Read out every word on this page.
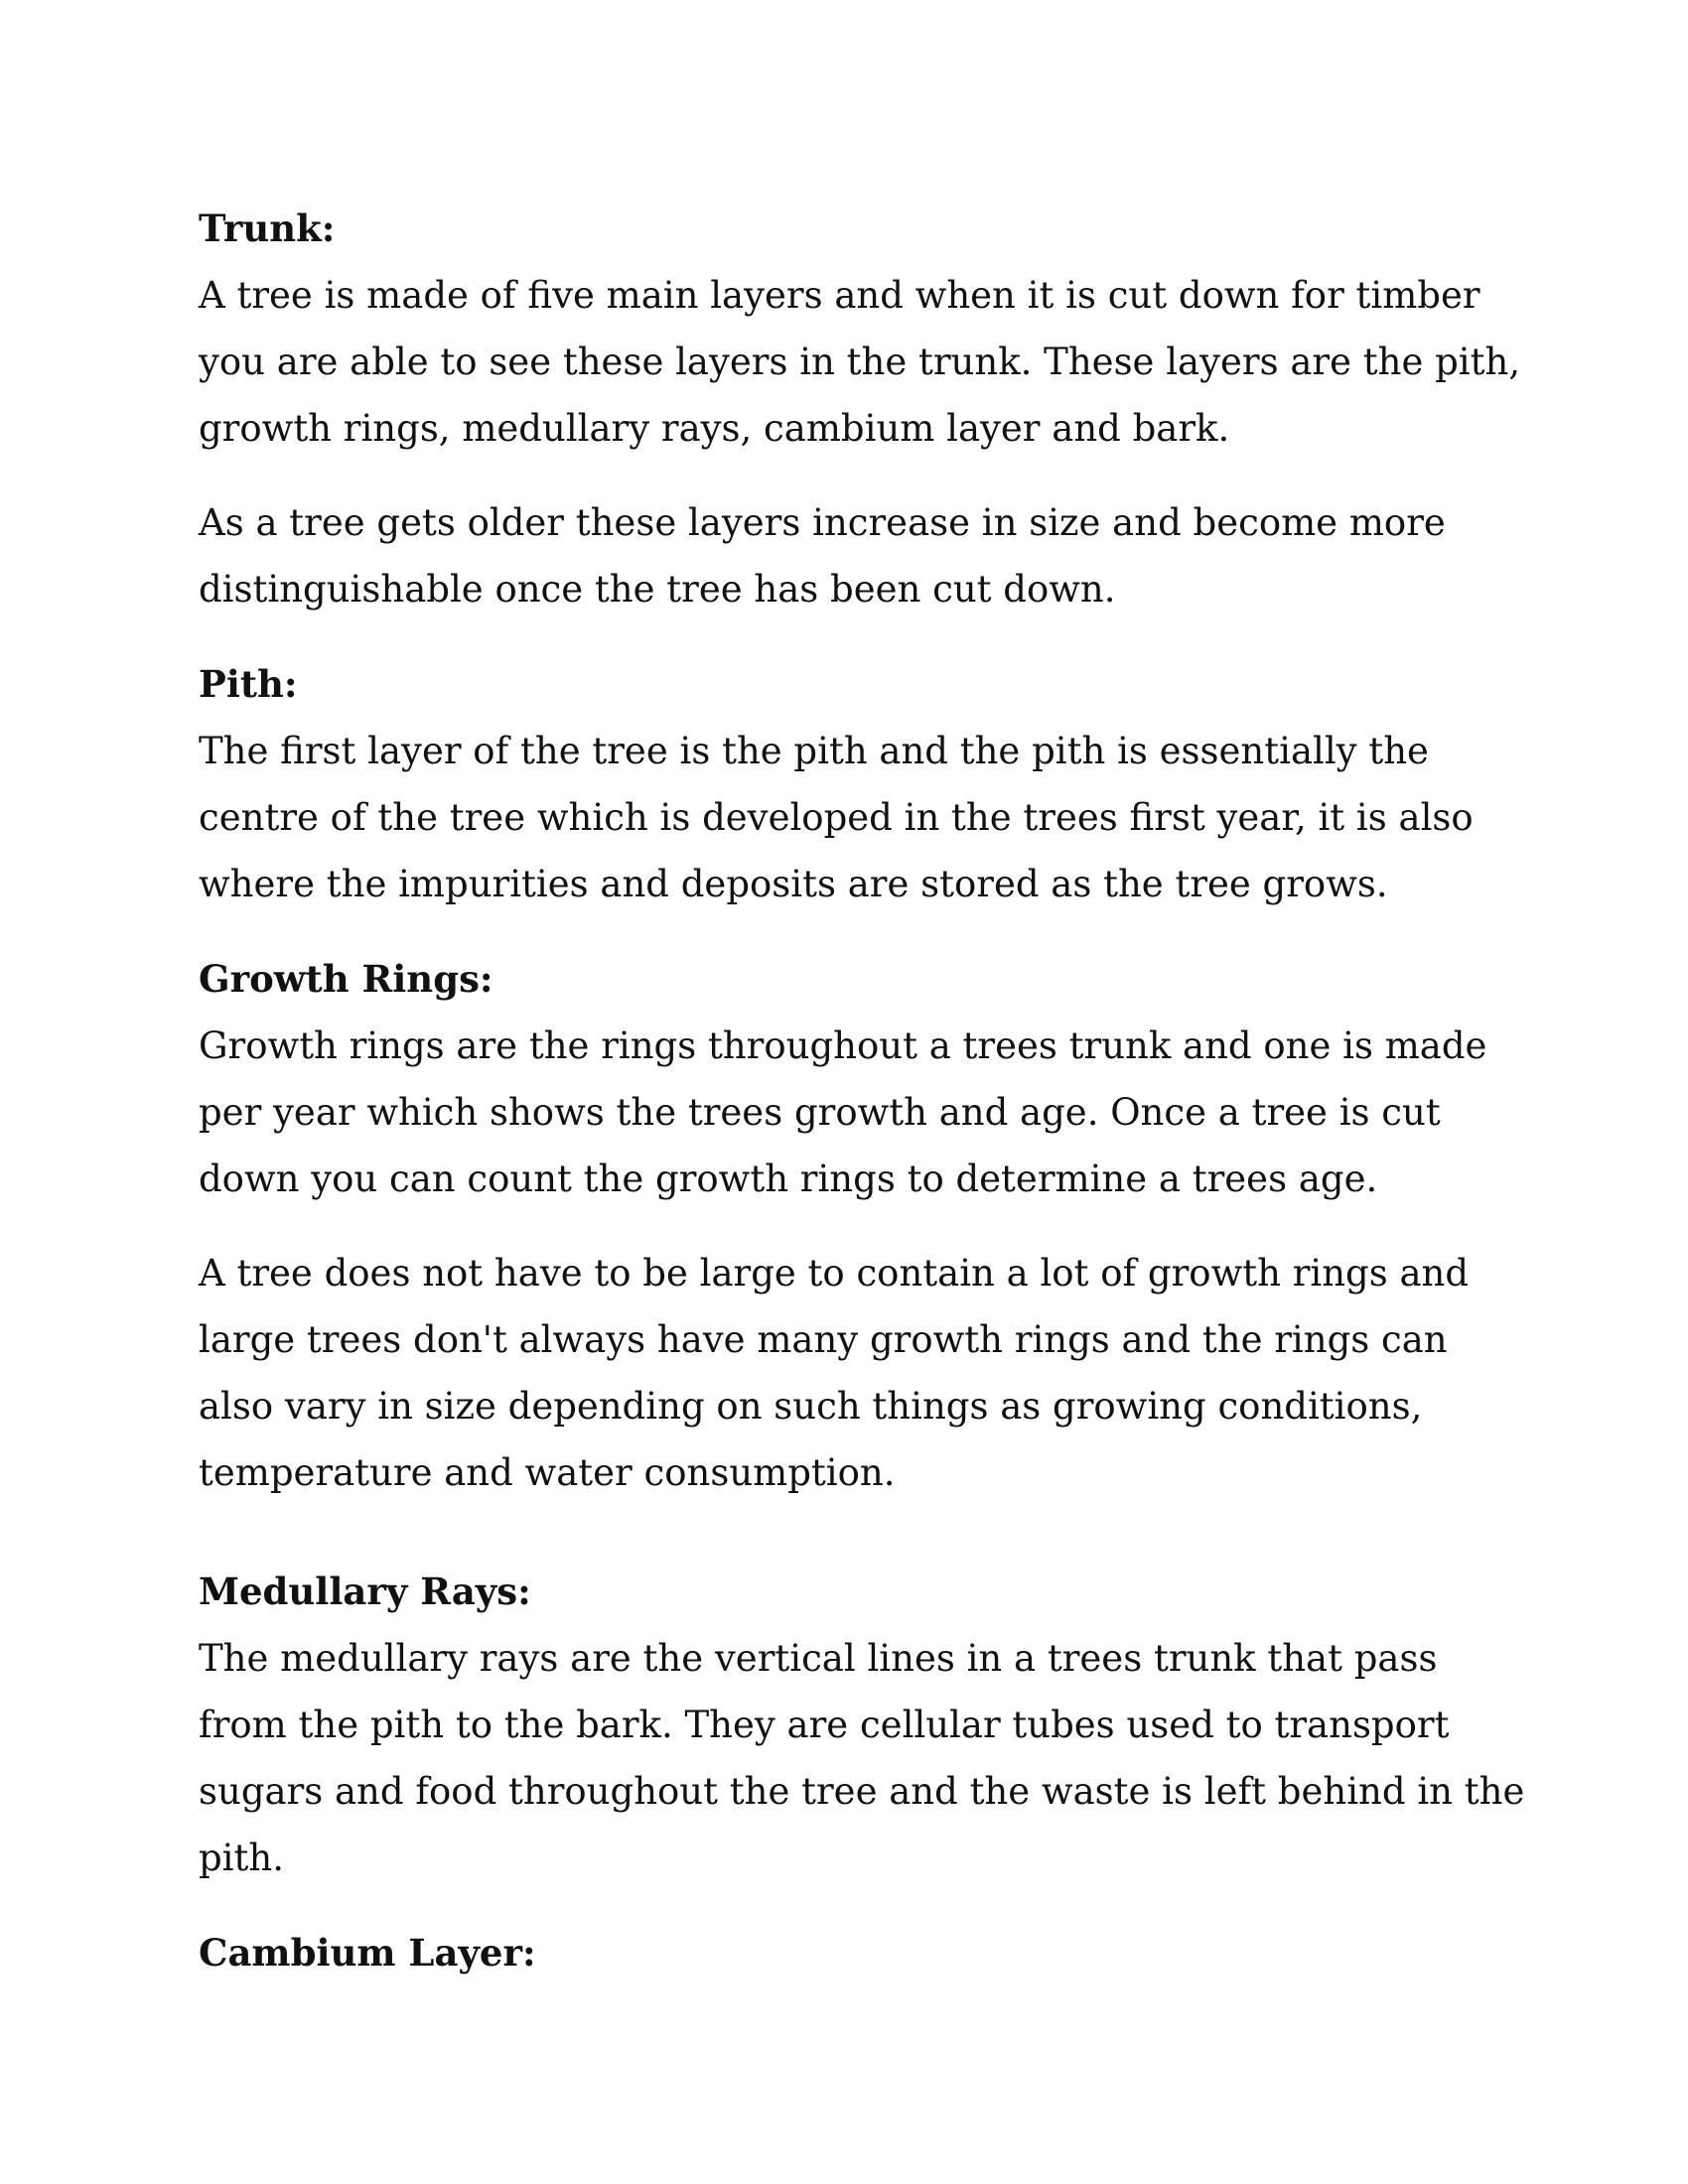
Trunk:

A tree is made of five main layers and when it is cut down for timber you are able to see these layers in the trunk. These layers are the pith, growth rings, medullary rays, cambium layer and bark.

As a tree gets older these layers increase in size and become more distinguishable once the tree has been cut down.

Pith:

The first layer of the tree is the pith and the pith is essentially the centre of the tree which is developed in the trees first year, it is also where the impurities and deposits are stored as the tree grows.

Growth Rings:

Growth rings are the rings throughout a trees trunk and one is made per year which shows the trees growth and age. Once a tree is cut down you can count the growth rings to determine a trees age.

A tree does not have to be large to contain a lot of growth rings and large trees don't always have many growth rings and the rings can also vary in size depending on such things as growing conditions, temperature and water consumption.

Medullary Rays:

The medullary rays are the vertical lines in a trees trunk that pass from the pith to the bark. They are cellular tubes used to transport sugars and food throughout the tree and the waste is left behind in the pith.

Cambium Layer:
